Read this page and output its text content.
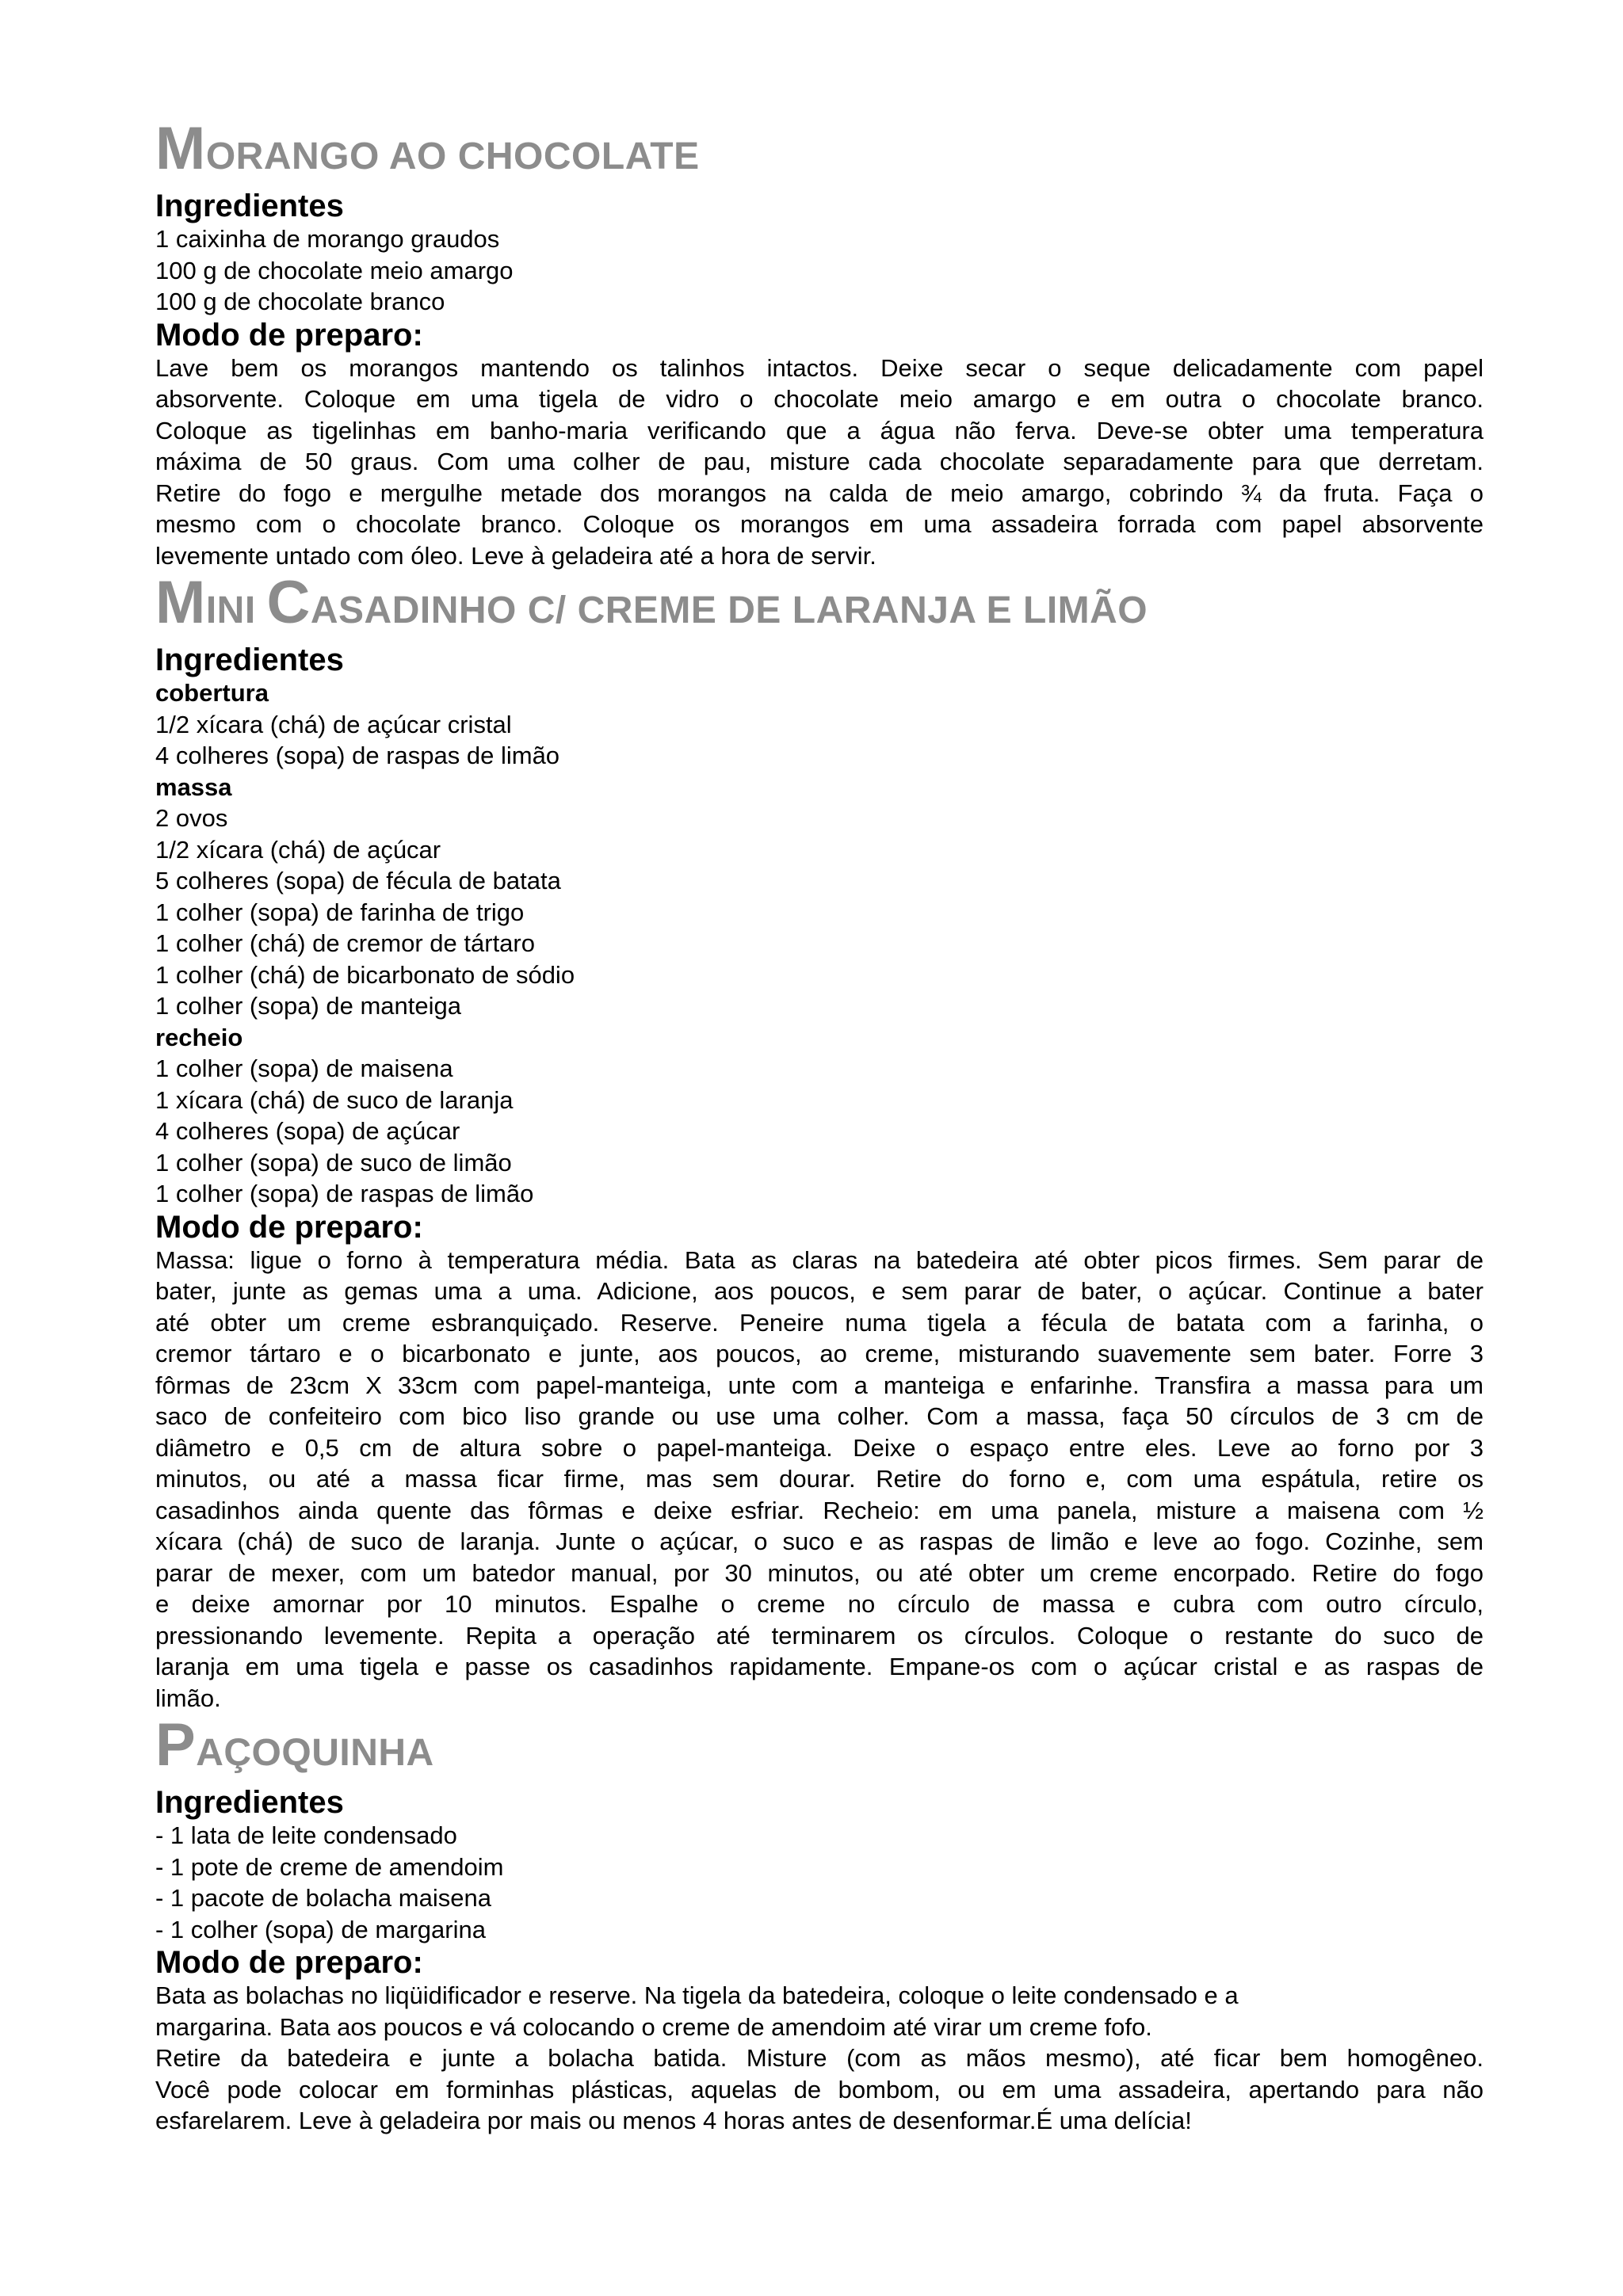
MORANGO AO CHOCOLATE
Ingredientes

1 caixinha de morango graudos

100 g de chocolate meio amargo

100 g de chocolate branco

Modo de preparo:
Lave bem os morangos mantendo os talinhos intactos. Deixe secar o seque delicadamente com papel
absorvente. Coloque em uma tigela de vidro o chocolate meio amargo e em outra o chocolate branco.
Coloque as tigelinhas em banho-maria verificando que a água não ferva. Deve-se obter uma temperatura
máxima de 50 graus. Com uma colher de pau, misture cada chocolate separadamente para que derretam.
Retire do fogo e mergulhe metade dos morangos na calda de meio amargo, cobrindo ¾ da fruta. Faça o
mesmo com o chocolate branco. Coloque os morangos em uma assadeira forrada com papel absorvente
levemente untado com óleo. Leve à geladeira até a hora de servir.
MINI CASADINHO C/ CREME DE LARANJA E LIMÃO
Ingredientes

cobertura

1/2 xícara (chá) de açúcar cristal

4 colheres (sopa) de raspas de limão

massa

2 ovos

1/2 xícara (chá) de açúcar

5 colheres (sopa) de fécula de batata

1 colher (sopa) de farinha de trigo

1 colher (chá) de cremor de tártaro

1 colher (chá) de bicarbonato de sódio

1 colher (sopa) de manteiga

recheio

1 colher (sopa) de maisena

1 xícara (chá) de suco de laranja

4 colheres (sopa) de açúcar

1 colher (sopa) de suco de limão

1 colher (sopa) de raspas de limão

Modo de preparo:
Massa: ligue o forno à temperatura média. Bata as claras na batedeira até obter picos firmes. Sem parar de
bater, junte as gemas uma a uma. Adicione, aos poucos, e sem parar de bater, o açúcar. Continue a bater
até obter um creme esbranquiçado. Reserve. Peneire numa tigela a fécula de batata com a farinha, o
cremor tártaro e o bicarbonato e junte, aos poucos, ao creme, misturando suavemente sem bater. Forre 3
fôrmas de 23cm X 33cm com papel-manteiga, unte com a manteiga e enfarinhe. Transfira a massa para um
saco de confeiteiro com bico liso grande ou use uma colher. Com a massa, faça 50 círculos de 3 cm de
diâmetro e 0,5 cm de altura sobre o papel-manteiga. Deixe o espaço entre eles. Leve ao forno por 3
minutos, ou até a massa ficar firme, mas sem dourar. Retire do forno e, com uma espátula, retire os
casadinhos ainda quente das fôrmas e deixe esfriar. Recheio: em uma panela, misture a maisena com ½
xícara (chá) de suco de laranja. Junte o açúcar, o suco e as raspas de limão e leve ao fogo. Cozinhe, sem
parar de mexer, com um batedor manual, por 30 minutos, ou até obter um creme encorpado. Retire do fogo
e deixe amornar por 10 minutos. Espalhe o creme no círculo de massa e cubra com outro círculo,
pressionando levemente. Repita a operação até terminarem os círculos. Coloque o restante do suco de
laranja em uma tigela e passe os casadinhos rapidamente. Empane-os com o açúcar cristal e as raspas de
limão.
PAÇOQUINHA
Ingredientes

- 1 lata de leite condensado

- 1 pote de creme de amendoim

- 1 pacote de bolacha maisena

- 1 colher (sopa) de margarina

Modo de preparo:
Bata as bolachas no liqüidificador e reserve. Na tigela da batedeira, coloque o leite condensado e a
margarina. Bata aos poucos e vá colocando o creme de amendoim até virar um creme fofo.
Retire da batedeira e junte a bolacha batida. Misture (com as mãos mesmo), até ficar bem homogêneo.
Você pode colocar em forminhas plásticas, aquelas de bombom, ou em uma assadeira, apertando para não
esfarelarem. Leve à geladeira por mais ou menos 4 horas antes de desenformar.É uma delícia!
